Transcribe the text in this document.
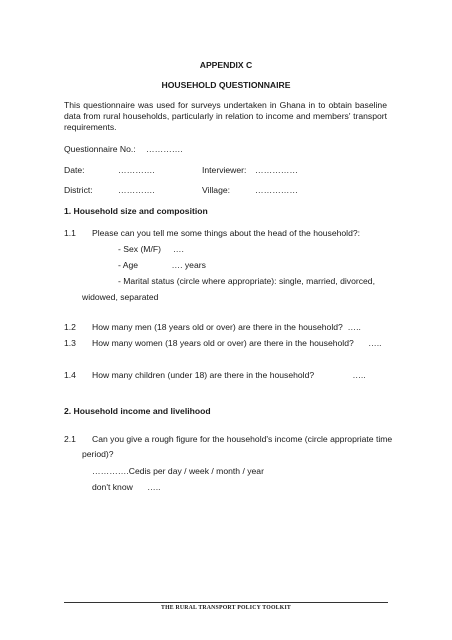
APPENDIX C

HOUSEHOLD QUESTIONNAIRE

This questionnaire was used for surveys undertaken in Ghana in to obtain baseline data from rural households, particularly in relation to income and members' transport requirements.

Questionnaire No.: ………….
Date:	………….	Interviewer: ……………
District:	………….	Village:	……………

1. Household size and composition

1.1 Please can you tell me some things about the head of the household?:
- Sex (M/F)     ….
- Age              …. years
- Marital status (circle where appropriate): single, married, divorced,
widowed, separated
1.2 How many men (18 years old or over) are there in the household?  …..
1.3 How many women (18 years old or over) are there in the household?      …..
1.4 How many children (under 18) are there in the household?                …..

2. Household income and livelihood

2.1 Can you give a rough figure for the household's income (circle appropriate time
period)?
………….Cedis per day / week / month / year
don't know      …..
THE RURAL TRANSPORT POLICY TOOLKIT
